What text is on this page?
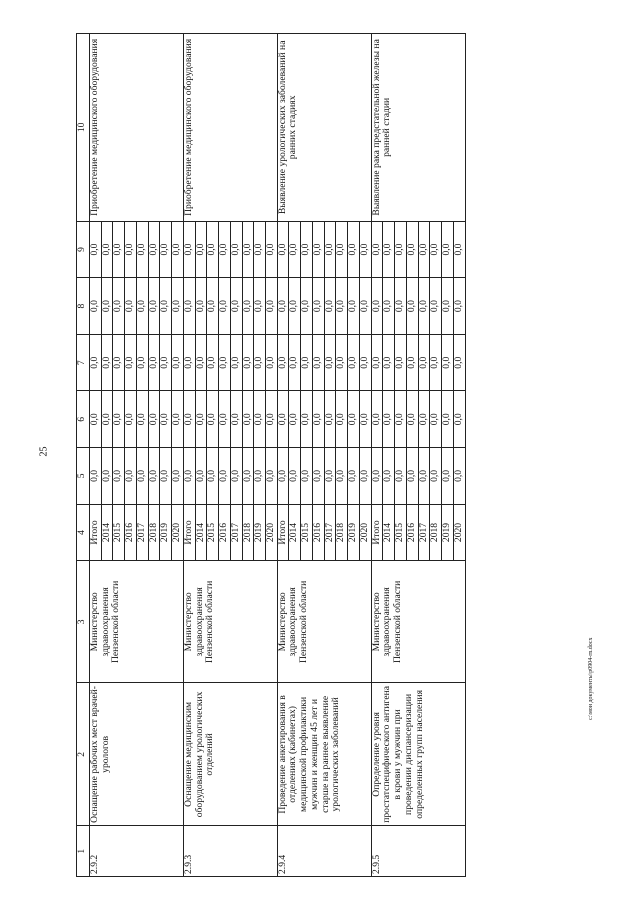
25
c:\мои документы\p0904-rn.docx
1	2	3	4	5	6	7	8	9	10
2.9.2	Оснащение рабочих мест врачей-урологов	Министерство здравоохранения Пензенской области	Итого	0,0	0,0	0,0	0,0	0,0	Приобретение медицинского оборудования
			2014	0,0	0,0	0,0	0,0	0,0	
			2015	0,0	0,0	0,0	0,0	0,0	
			2016	0,0	0,0	0,0	0,0	0,0	
			2017	0,0	0,0	0,0	0,0	0,0	
			2018	0,0	0,0	0,0	0,0	0,0	
			2019	0,0	0,0	0,0	0,0	0,0	
			2020	0,0	0,0	0,0	0,0	0,0	
2.9.3	Оснащение медицинским оборудованием урологических отделений	Министерство здравоохранения Пензенской области	Итого	0,0	0,0	0,0	0,0	0,0	Приобретение медицинского оборудования
			2014	0,0	0,0	0,0	0,0	0,0	
			2015	0,0	0,0	0,0	0,0	0,0	
			2016	0,0	0,0	0,0	0,0	0,0	
			2017	0,0	0,0	0,0	0,0	0,0	
			2018	0,0	0,0	0,0	0,0	0,0	
			2019	0,0	0,0	0,0	0,0	0,0	
			2020	0,0	0,0	0,0	0,0	0,0	
2.9.4	Проведение анкетирования в отделениях (кабинетах) медицинской профилактики мужчин и женщин 45 лет и старше на раннее выявление урологических заболеваний	Министерство здравоохранения Пензенской области	Итого	0,0	0,0	0,0	0,0	0,0	Выявление урологических заболеваний на ранних стадиях
			2014	0,0	0,0	0,0	0,0	0,0	
			2015	0,0	0,0	0,0	0,0	0,0	
			2016	0,0	0,0	0,0	0,0	0,0	
			2017	0,0	0,0	0,0	0,0	0,0	
			2018	0,0	0,0	0,0	0,0	0,0	
			2019	0,0	0,0	0,0	0,0	0,0	
			2020	0,0	0,0	0,0	0,0	0,0	
2.9.5	Определение уровня простатспецифического антигена в крови у мужчин при проведении диспансеризации определенных групп населения	Министерство здравоохранения Пензенской области	Итого	0,0	0,0	0,0	0,0	0,0	Выявление рака предстательной железы на ранней стадии
			2014	0,0	0,0	0,0	0,0	0,0	
			2015	0,0	0,0	0,0	0,0	0,0	
			2016	0,0	0,0	0,0	0,0	0,0	
			2017	0,0	0,0	0,0	0,0	0,0	
			2018	0,0	0,0	0,0	0,0	0,0	
			2019	0,0	0,0	0,0	0,0	0,0	
			2020	0,0	0,0	0,0	0,0	0,0	
